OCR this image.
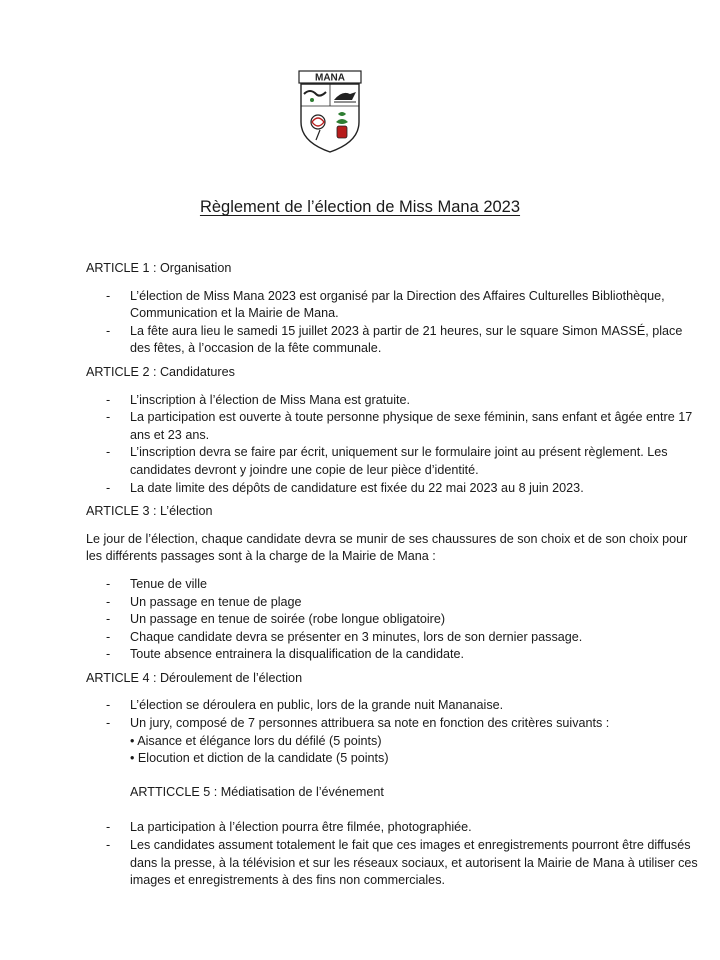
MANA
Règlement de l’élection de Miss Mana 2023
ARTICLE 1 : Organisation
- L’élection de Miss Mana 2023 est organisé par la Direction des Affaires Culturelles Bibliothèque, Communication et la Mairie de Mana.
- La fête aura lieu le samedi 15 juillet 2023 à partir de 21 heures, sur le square Simon MASSÉ, place des fêtes, à l’occasion de la fête communale.
ARTICLE 2 : Candidatures
- L’inscription à l’élection de Miss Mana est gratuite.
- La participation est ouverte à toute personne physique de sexe féminin, sans enfant et âgée entre 17 ans et 23 ans.
- L’inscription devra se faire par écrit, uniquement sur le formulaire joint au présent règlement. Les candidates devront y joindre une copie de leur pièce d’identité.
- La date limite des dépôts de candidature est fixée du 22 mai 2023 au 8 juin 2023.
ARTICLE 3 : L’élection
Le jour de l’élection, chaque candidate devra se munir de ses chaussures de son choix et de son choix pour les différents passages sont à la charge de la Mairie de Mana :
- Tenue de ville
- Un passage en tenue de plage
- Un passage en tenue de soirée (robe longue obligatoire)
- Chaque candidate devra se présenter en 3 minutes, lors de son dernier passage.
- Toute absence entrainera la disqualification de la candidate.
ARTICLE 4 : Déroulement de l’élection
- L’élection se déroulera en public, lors de la grande nuit Mananaise.
- Un jury, composé de 7 personnes attribuera sa note en fonction des critères suivants :
• Aisance et élégance lors du défilé (5 points)
• Elocution et diction de la candidate (5 points)
ARTTICCLE 5 : Médiatisation de l’événement
- La participation à l’élection pourra être filmée, photographiée.
- Les candidates assument totalement le fait que ces images et enregistrements pourront être diffusés dans la presse, à la télévision et sur les réseaux sociaux, et autorisent la Mairie de Mana à utiliser ces images et enregistrements à des fins non commerciales.
